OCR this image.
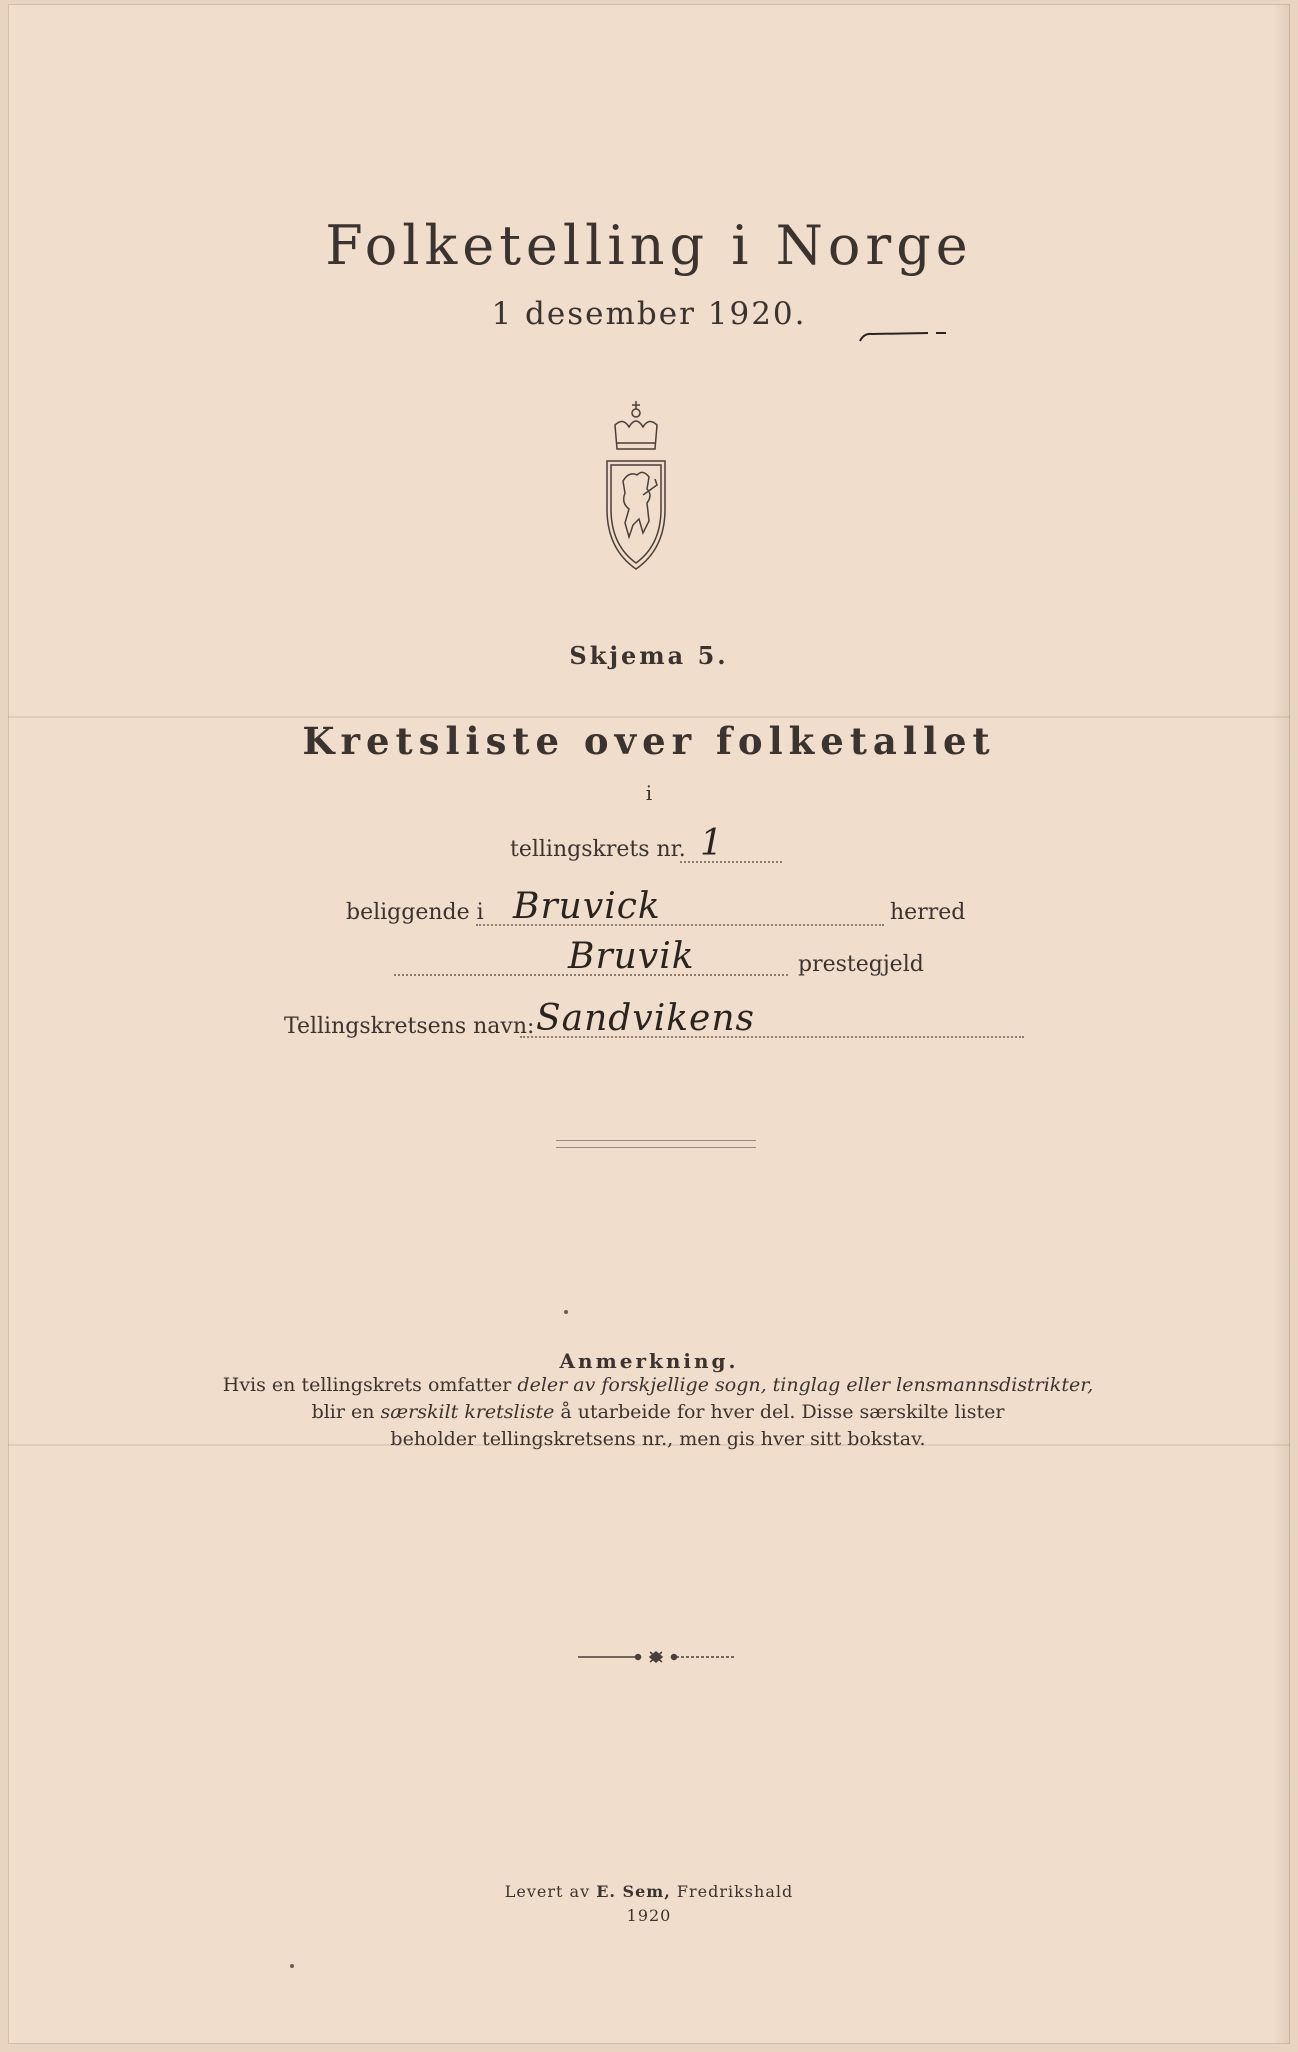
Folketelling i Norge
1 desember 1920.
Skjema 5.
Kretsliste over folketallet
i
tellingskrets nr. 1
beliggende i Bruvick	herred
Bruvik	prestegjeld
Tellingskretsens navn: Sandvikens
Anmerkning.
Hvis en tellingskrets omfatter deler av forskjellige sogn, tinglag eller lensmannsdistrikter,
blir en særskilt kretsliste å utarbeide for hver del. Disse særskilte lister
beholder tellingskretsens nr., men gis hver sitt bokstav.
Levert av E. Sem, Fredrikshald
1920
